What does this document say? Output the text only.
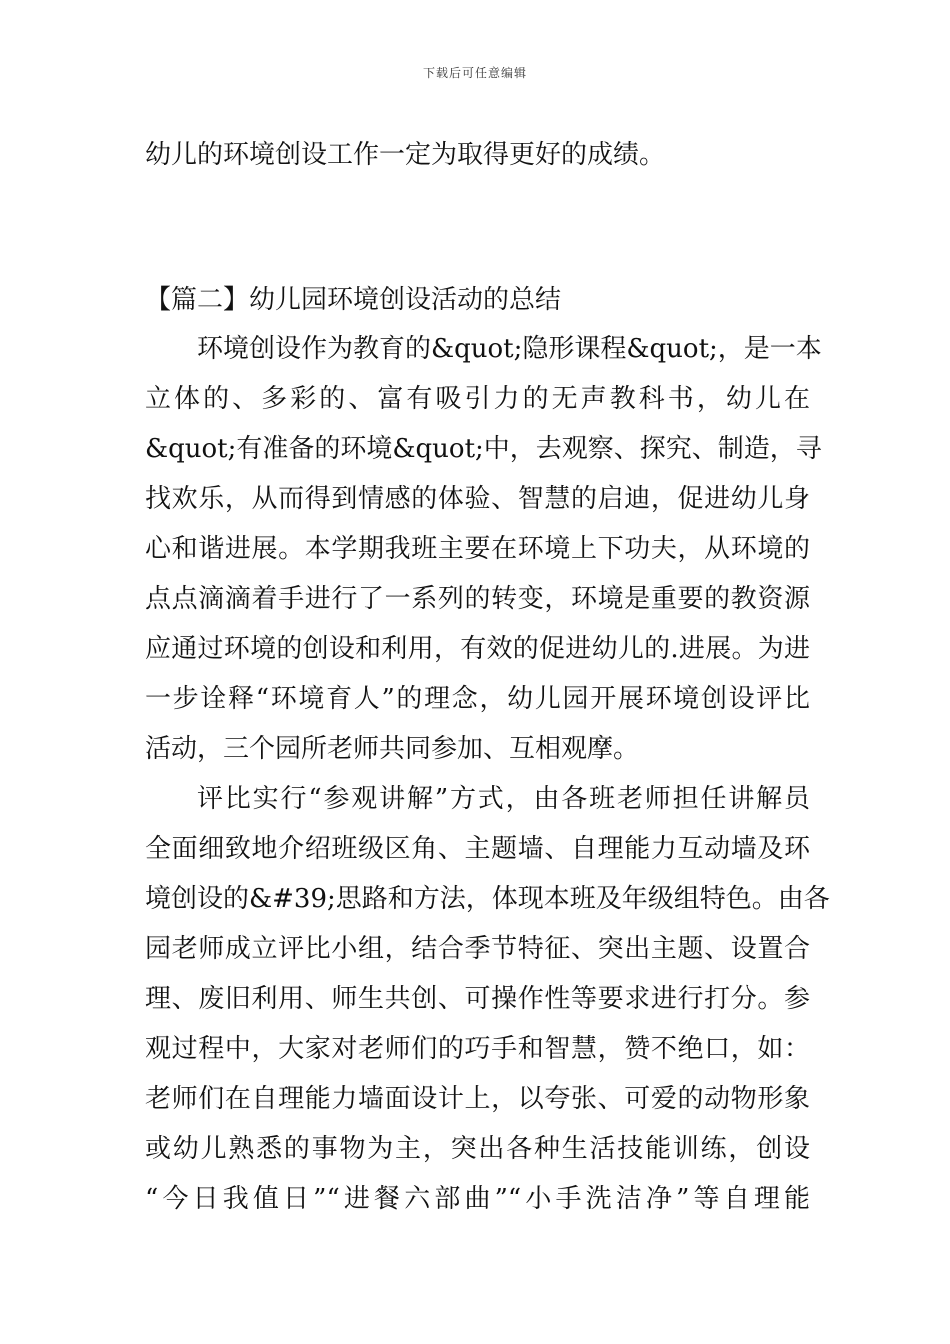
下载后可任意编辑
幼儿的环境创设工作一定为取得更好的成绩。
【篇二】幼儿园环境创设活动的总结
环境创设作为教育的&quot;隐形课程&quot;，是一本
立体的、多彩的、富有吸引力的无声教科书，幼儿在
&quot;有准备的环境&quot;中，去观察、探究、制造，寻
找欢乐，从而得到情感的体验、智慧的启迪，促进幼儿身
心和谐进展。本学期我班主要在环境上下功夫，从环境的
点点滴滴着手进行了一系列的转变，环境是重要的教资源
应通过环境的创设和利用，有效的促进幼儿的.进展。为进
一步诠释“环境育人”的理念，幼儿园开展环境创设评比
活动，三个园所老师共同参加、互相观摩。
评比实行“参观讲解”方式，由各班老师担任讲解员
全面细致地介绍班级区角、主题墙、自理能力互动墙及环
境创设的&#39;思路和方法，体现本班及年级组特色。由各
园老师成立评比小组，结合季节特征、突出主题、设置合
理、废旧利用、师生共创、可操作性等要求进行打分。参
观过程中，大家对老师们的巧手和智慧，赞不绝口，如：
老师们在自理能力墙面设计上，以夸张、可爱的动物形象
或幼儿熟悉的事物为主，突出各种生活技能训练，创设
“今日我值日”“进餐六部曲”“小手洗洁净”等自理能
